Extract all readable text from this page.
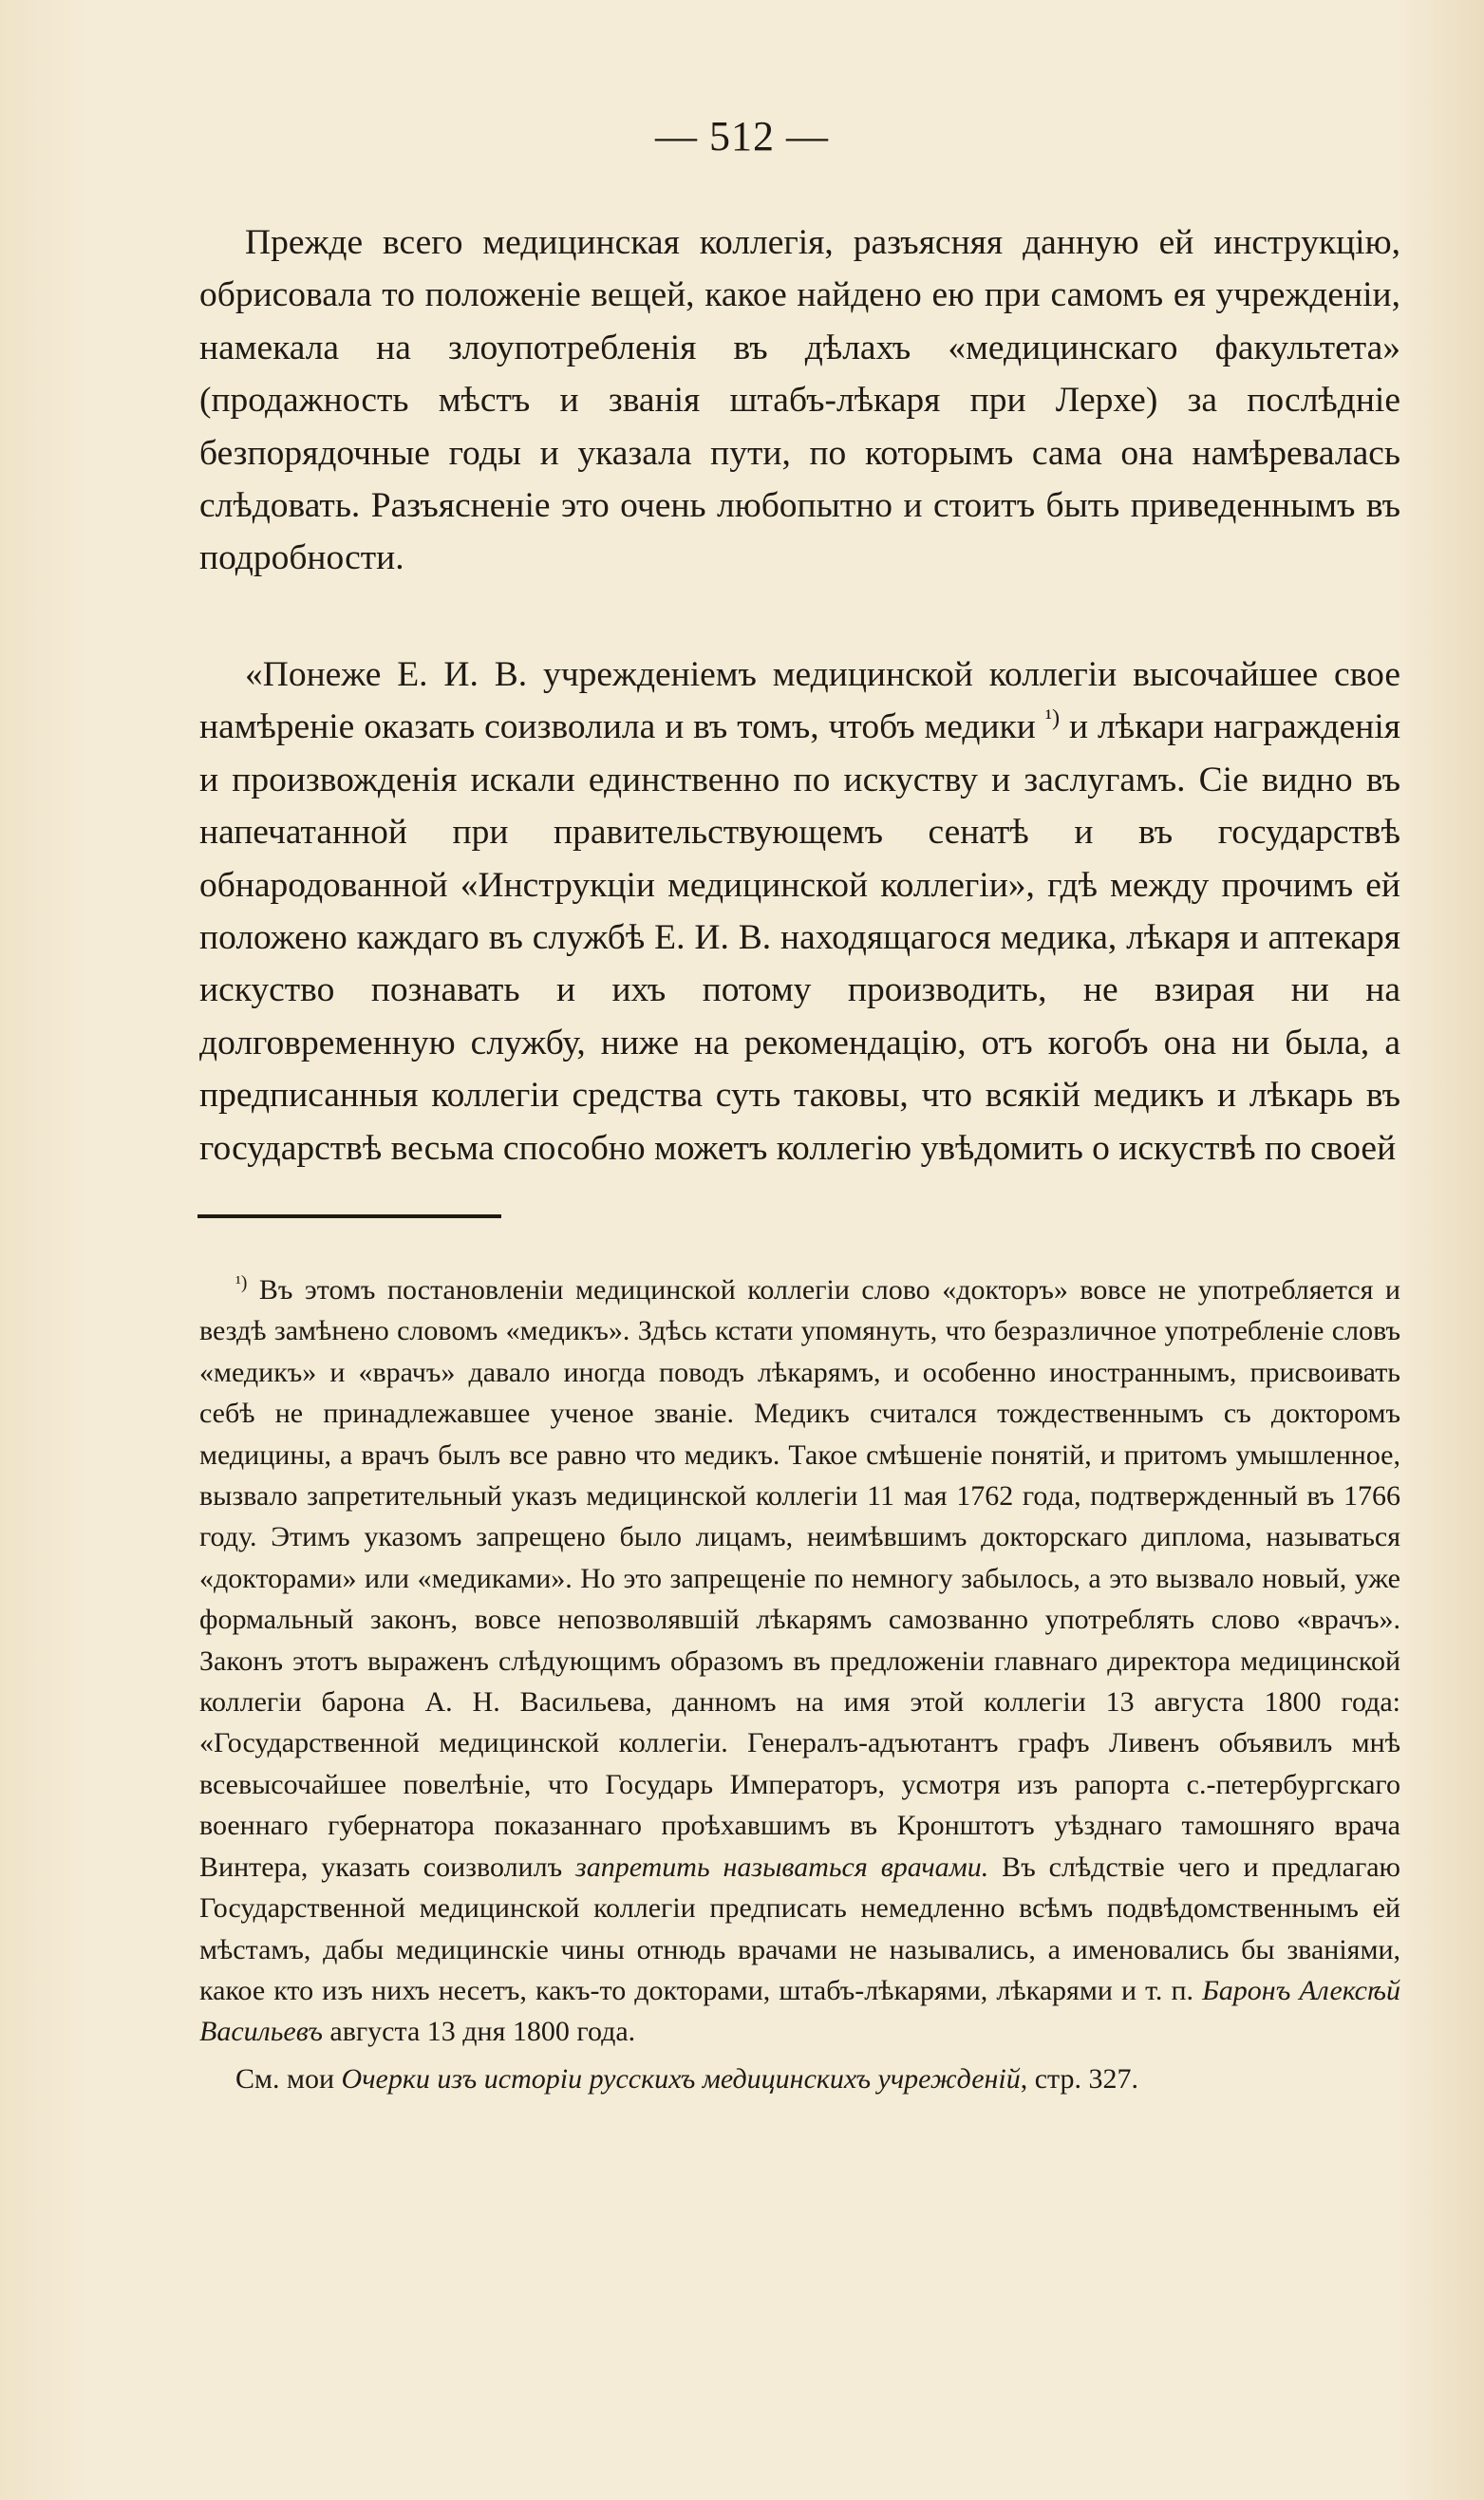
— 512 —

Прежде всего медицинская коллегія, разъясняя данную ей инструкцію, обрисовала то положеніе вещей, какое найдено ею при самомъ ея учрежденіи, намекала на злоупотребленія въ дѣлахъ «медицинскаго факультета» (продажность мѣстъ и званія штабъ-лѣкаря при Лерхе) за послѣдніе безпорядочные годы и указала пути, по которымъ сама она намѣревалась слѣдовать. Разъясненіе это очень любопытно и стоитъ быть приведеннымъ въ подробности.

«Понеже Е. И. В. учрежденіемъ медицинской коллегіи высочайшее свое намѣреніе оказать соизволила и въ томъ, чтобъ медики $^{^1)}$ и лѣкари награжденія и произвожденія искали единственно по искуству и заслугамъ. Сіе видно въ напечатанной при правительствующемъ сенатѣ и въ государствѣ обнародованной «Инструкціи медицинской коллегіи», гдѣ между прочимъ ей положено каждаго въ службѣ Е. И. В. находящагося медика, лѣкаря и аптекаря искуство познавать и ихъ потому производить, не взирая ни на долговременную службу, ниже на рекомендацію, отъ когобъ она ни была, а предписанныя коллегіи средства суть таковы, что всякій медикъ и лѣкарь въ государствѣ весьма способно можетъ коллегію увѣдомить о искуствѣ по своей

$^{^1)}$ Въ этомъ постановленіи медицинской коллегіи слово «докторъ» вовсе не употребляется и вездѣ замѣнено словомъ «медикъ». Здѣсь кстати упомянуть, что безразличное употребленіе словъ «медикъ» и «врачъ» давало иногда поводъ лѣкарямъ, и особенно иностраннымъ, присвоивать себѣ не принадлежавшее ученое званіе. Медикъ считался тождественнымъ съ докторомъ медицины, а врачъ былъ все равно что медикъ. Такое смѣшеніе понятій, и притомъ умышленное, вызвало запретительный указъ медицинской коллегіи 11 мая 1762 года, подтвержденный въ 1766 году. Этимъ указомъ запрещено было лицамъ, неимѣвшимъ докторскаго диплома, называться «докторами» или «медиками». Но это запрещеніе по немногу забылось, а это вызвало новый, уже формальный законъ, вовсе непозволявшій лѣкарямъ самозванно употреблять слово «врачъ». Законъ этотъ выраженъ слѣдующимъ образомъ въ предложеніи главнаго директора медицинской коллегіи барона А. Н. Васильева, данномъ на имя этой коллегіи 13 августа 1800 года: «Государственной медицинской коллегіи. Генералъ-адъютантъ графъ Ливенъ объявилъ мнѣ всевысочайшее повелѣніе, что Государь Императоръ, усмотря изъ рапорта с.-петербургскаго военнаго губернатора показаннаго проѣхавшимъ въ Кронштотъ уѣзднаго тамошняго врача Винтера, указать соизволилъ запретить называться врачами. Въ слѣдствіе чего и предлагаю Государственной медицинской коллегіи предписать немедленно всѣмъ подвѣдомственнымъ ей мѣстамъ, дабы медицинскіе чины отнюдь врачами не назывались, а именовались бы званіями, какое кто изъ нихъ несетъ, какъ-то докторами, штабъ-лѣкарями, лѣкарями и т. п. Баронъ Алексѣй Васильевъ августа 13 дня 1800 года.

См. мои Очерки изъ исторіи русскихъ медицинскихъ учрежденій, стр. 327.
